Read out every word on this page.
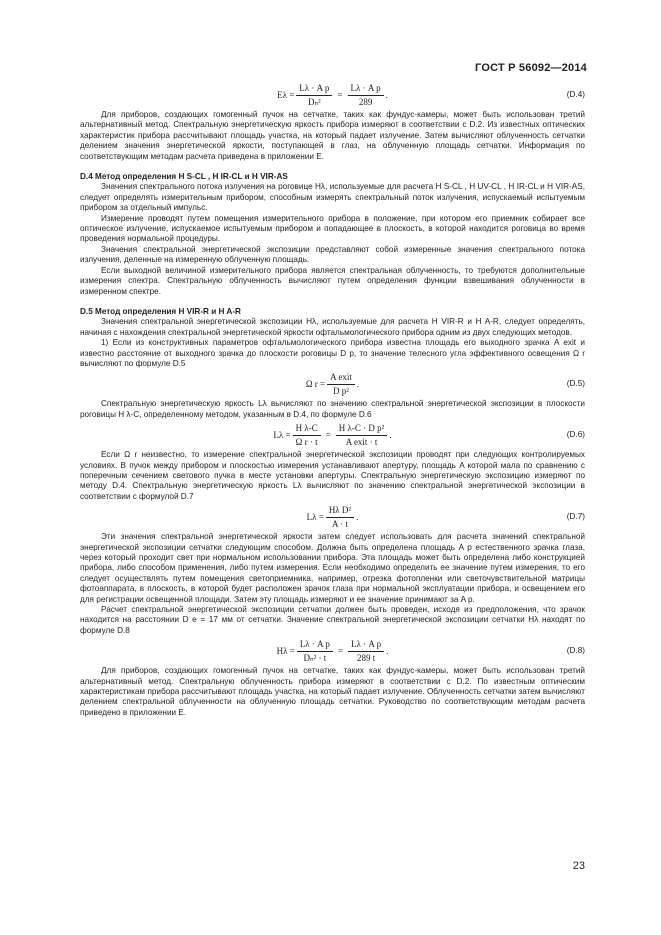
ГОСТ Р 56092—2014
$E\lambda = \frac{\text{Lλ · A p}}{\text{Dₙ²}} = \frac{\text{Lλ · A p}}{289}$ .	(D.4)

Для приборов, создающих гомогенный пучок на сетчатке, таких как фундус-камеры, может быть использован третий альтернативный метод. Спектральную энергетическую яркость прибора измеряют в соответствии с D.2. Из известных оптических характеристик прибора рассчитывают площадь участка, на который падает излучение. Затем вычисляют облученность сетчатки делением значения энергетической яркости, поступающей в глаз, на облученную площадь сетчатки. Информация по соответствующим методам расчета приведена в приложении Е.

D.4 Метод определения H S-CL , H IR-CL и H VIR-AS

Значения спектрального потока излучения на роговице Hλ, используемые для расчета H S-CL , H UV-CL , H IR-CL и H VIR-AS, следует определять измерительным прибором, способным измерять спектральный поток излучения, испускаемый испытуемым прибором за отдельный импульс.

Измерение проводят путем помещения измерительного прибора в положение, при котором его приемник собирает все оптическое излучение, испускаемое испытуемым прибором и попадающее в плоскость, в которой находится роговица во время проведения нормальной процедуры.

Значения спектральной энергетической экспозиции представляют собой измеренные значения спектрального потока излучения, деленные на измеренную облученную площадь.

Если выходной величиной измерительного прибора является спектральная облученность, то требуются дополнительные измерения спектра. Спектральную облученность вычисляют путем определения функции взвешивания облученности в измеренном спектре.

D.5 Метод определения H VIR-R и H A-R

Значения спектральной энергетической экспозиции Hλ, используемые для расчета H VIR-R и H A-R, следует определять, начиная с нахождения спектральной энергетической яркости офтальмологического прибора одним из двух следующих методов.

1) Если из конструктивных параметров офтальмологического прибора известна площадь его выходного зрачка A exit и известно расстояние от выходного зрачка до плоскости роговицы D p, то значение телесного угла эффективного освещения Ω r вычисляют по формуле D.5

Ω $r = \frac{\text{A exit}}{\text{D p²}}$ .	(D.5)

Спектральную энергетическую яркость Lλ вычисляют по значению спектральной энергетической экспозиции в плоскости роговицы H λ-C, определенному методом, указанным в D.4, по формуле D.6

$L\lambda = \frac{\text{H λ-C}}{\text{Ω r · t}} = \frac{\text{H λ-C · D p²}}{\text{A exit · t}}$ .	(D.6)

Если Ω r неизвестно, то измерение спектральной энергетической экспозиции проводят при следующих контролируемых условиях. В пучок между прибором и плоскостью измерения устанавливают апертуру, площадь A которой мала по сравнению с поперечным сечением светового пучка в месте установки апертуры. Спектральную энергетическую экспозицию измеряют по методу D.4. Спектральную энергетическую яркость Lλ вычисляют по значению спектральной энергетической экспозиции в соответствии с формулой D.7

$L\lambda = \frac{\text{Hλ D²}}{A \cdot t}$ .	(D.7)

Эти значения спектральной энергетической яркости затем следует использовать для расчета значений спектральной энергетической экспозиции сетчатки следующим способом. Должна быть определена площадь A p естественного зрачка глаза, через который проходит свет при нормальном использовании прибора. Эта площадь может быть определена либо конструкцией прибора, либо способом применения, либо путем измерения. Если необходимо определить ее значение путем измерения, то его следует осуществлять путем помещения светоприемника, например, отрезка фотопленки или светочувствительной матрицы фотоаппарата, в плоскость, в которой будет расположен зрачок глаза при нормальной эксплуатации прибора, и освещением его для регистрации освещенной площади. Затем эту площадь измеряют и ее значение принимают за A p.

Расчет спектральной энергетической экспозиции сетчатки должен быть проведен, исходя из предположения, что зрачок находится на расстоянии D e = 17 мм от сетчатки. Значение спектральной энергетической экспозиции сетчатки Hλ находят по формуле D.8

$H\lambda = \frac{\text{Lλ · A p}}{\text{Dₙ² · t}} = \frac{\text{Lλ · A p}}{289 t}$ .	(D.8)

Для приборов, создающих гомогенный пучок на сетчатке, таких как фундус-камеры, может быть использован третий альтернативный метод. Спектральную облученность прибора измеряют в соответствии с D.2. По известным оптическим характеристикам прибора рассчитывают площадь участка, на который падает излучение. Облученность сетчатки затем вычисляют делением спектральной облученности на облученную площадь сетчатки. Руководство по соответствующим методам расчета приведено в приложении Е.

23
